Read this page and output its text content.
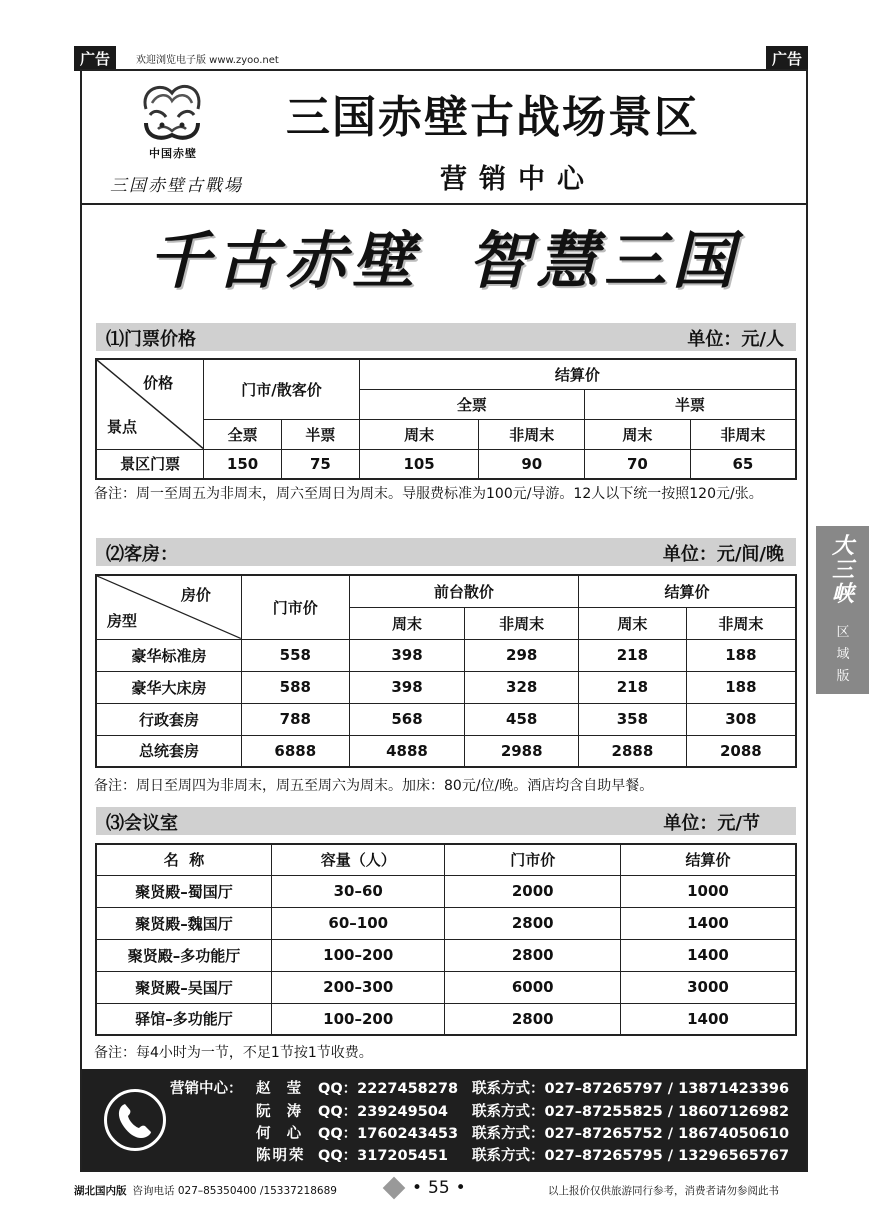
广告	欢迎浏览电子版 www.zyoo.net	广告
中国赤壁
三国赤壁古戰場
三国赤壁古战场景区
营销中心
千古赤壁 智慧三国
⑴门票价格	单位：元/人
价格
景点	门市/散客价		结算价			
			全票		半票	
	全票	半票	周末	非周末	周末	非周末
景区门票	150	75	105	90	70	65
备注：周一至周五为非周末，周六至周日为周末。导服费标准为100元/导游。12人以下统一按照120元/张。
⑵客房：	单位：元/间/晚
房价
房型	门市价	前台散价		结算价	
		周末	非周末	周末	非周末
豪华标准房	558	398	298	218	188
豪华大床房	588	398	328	218	188
行政套房	788	568	458	358	308
总统套房	6888	4888	2988	2888	2088
备注：周日至周四为非周末，周五至周六为周末。加床：80元/位/晚。酒店均含自助早餐。
⑶会议室	单位：元/节
名  称	容量（人）	门市价	结算价
聚贤殿–蜀国厅	30–60	2000	1000
聚贤殿–魏国厅	60–100	2800	1400
聚贤殿–多功能厅	100–200	2800	1400
聚贤殿–吴国厅	200–300	6000	3000
驿馆–多功能厅	100–200	2800	1400
备注：每4小时为一节，不足1节按1节收费。
营销中心： 赵  莹 QQ：2227458278 联系方式：027–87265797 / 13871423396
阮  涛 QQ：239249504 联系方式：027–87255825 / 18607126982
何  心 QQ：1760243453 联系方式：027–87265752 / 18674050610
陈明荣 QQ：317205451 联系方式：027–87265795 / 13296565767
大三峡
区
域
版
湖北国内版 咨询电话 027–85350400 /15337218689	• 55 •	以上报价仅供旅游同行参考，消费者请勿参阅此书
